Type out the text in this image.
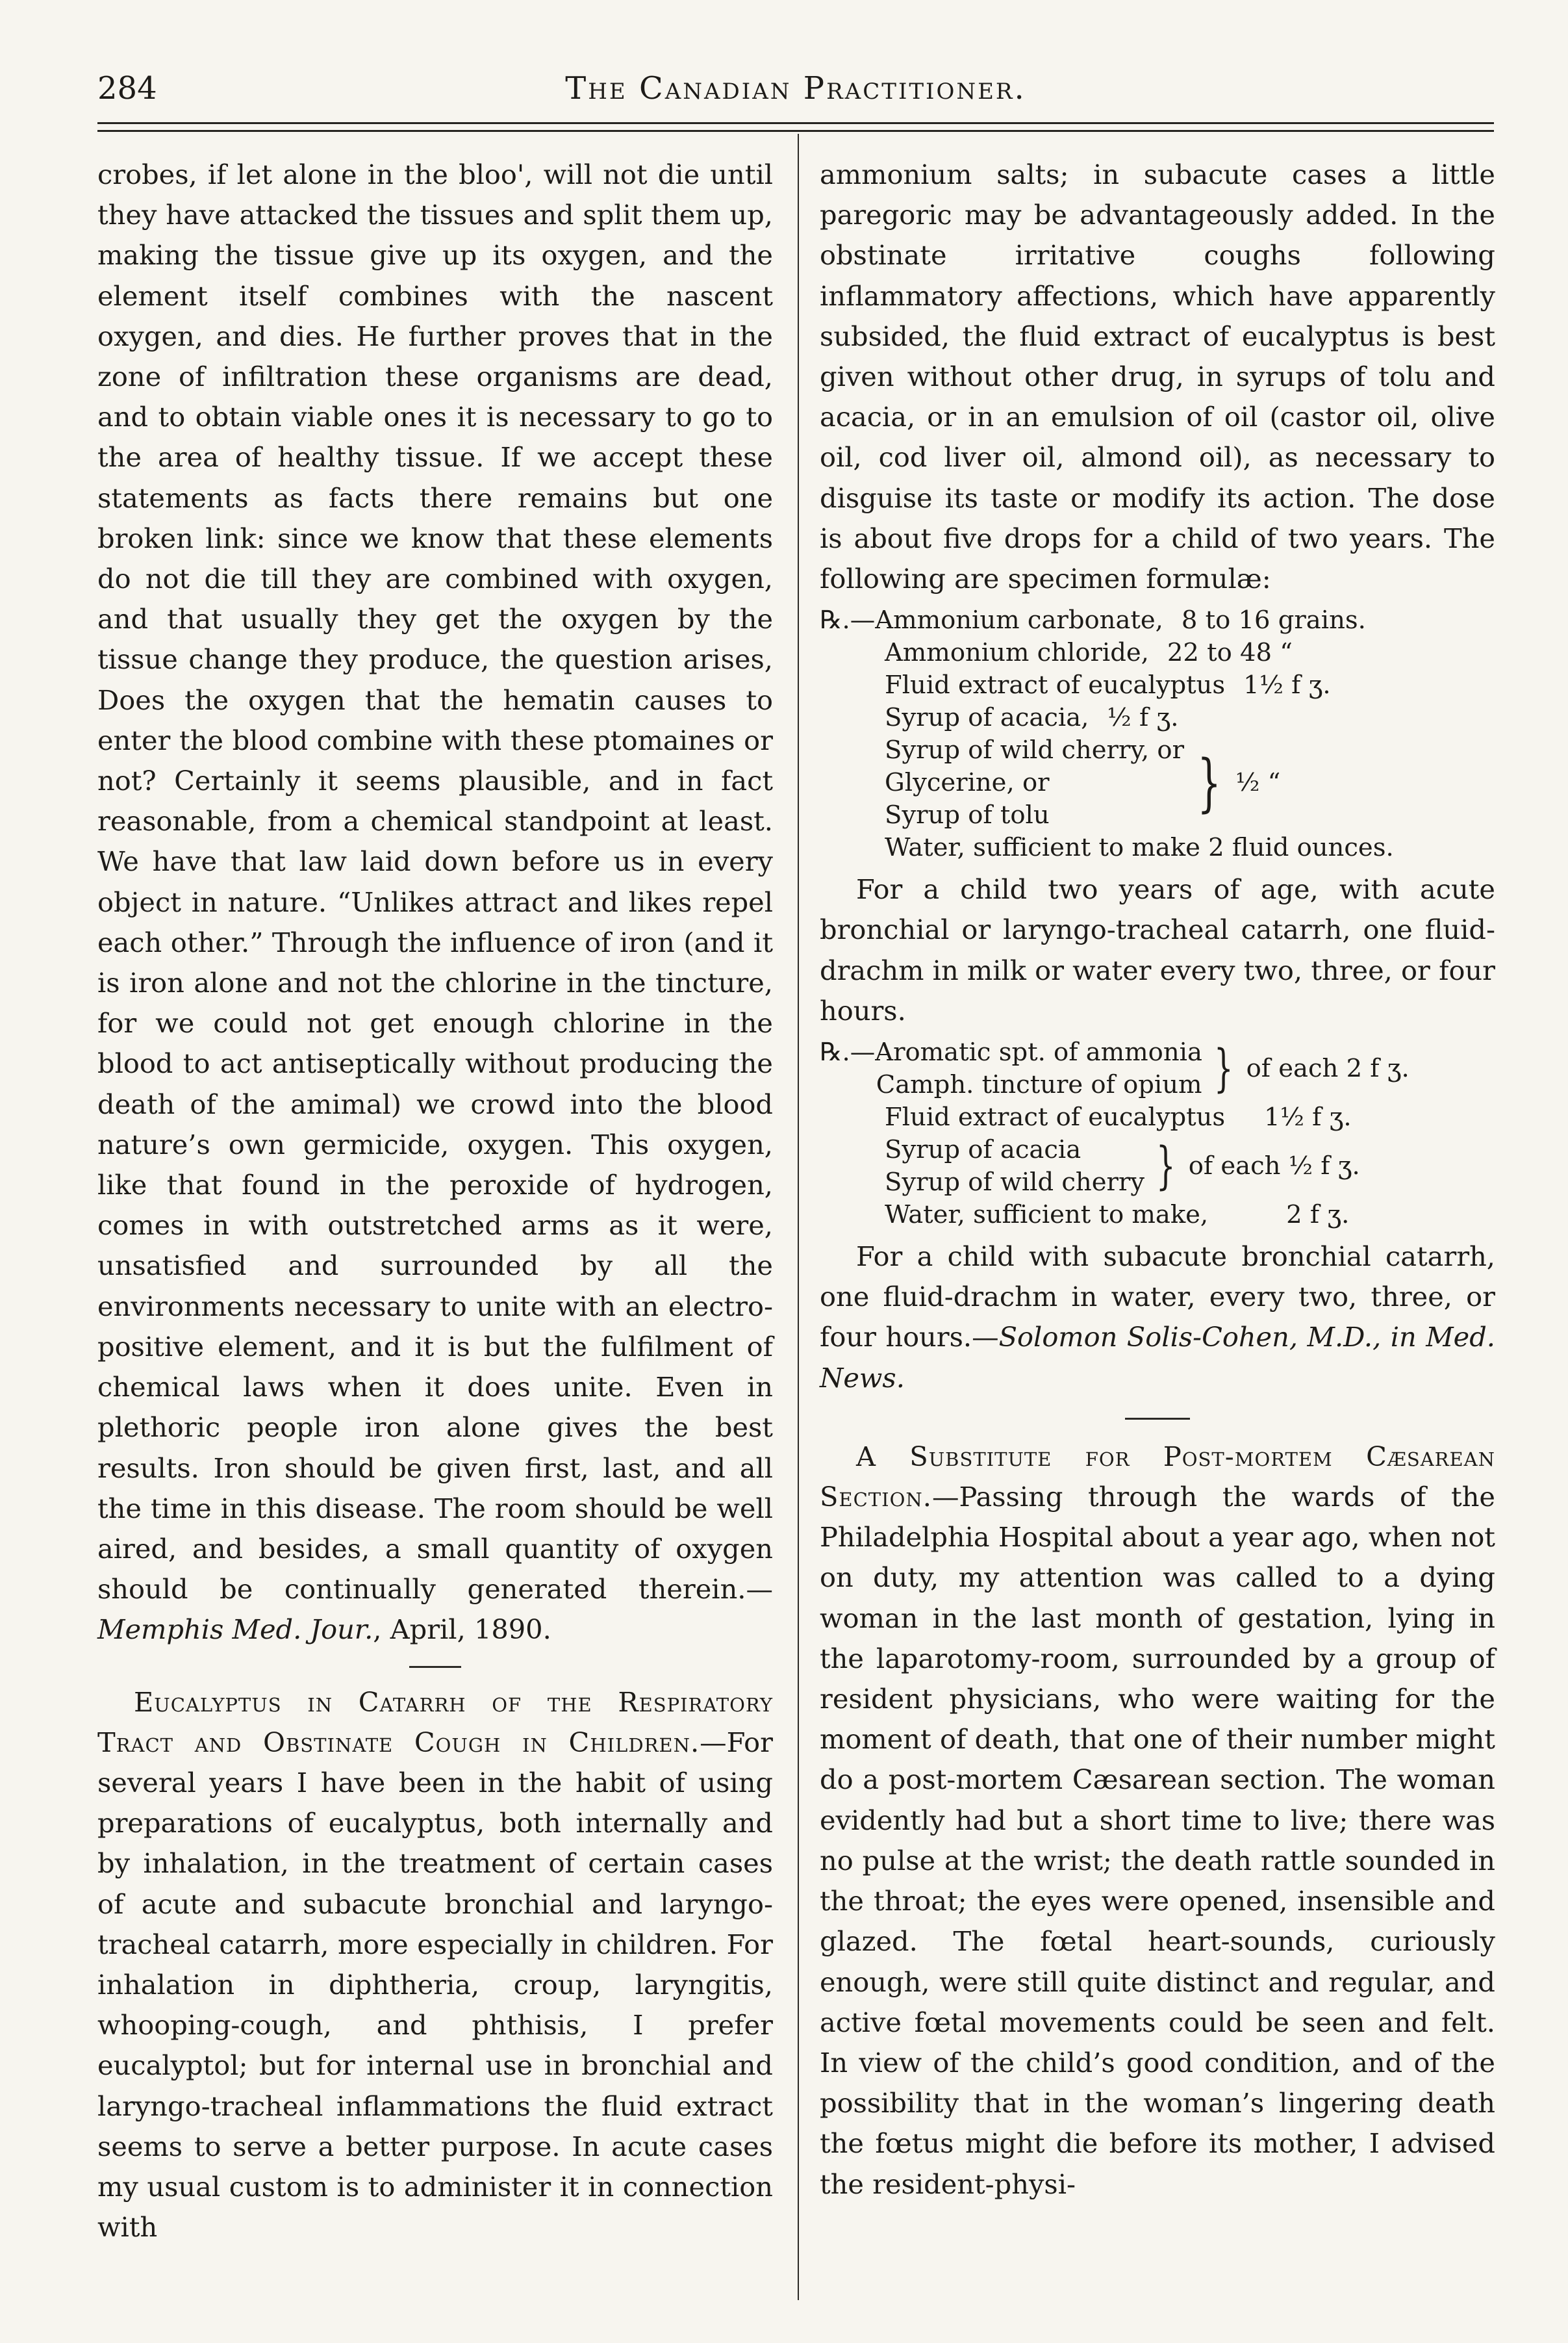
284	The Canadian Practitioner.

crobes, if let alone in the bloo', will not die until they have attacked the tissues and split them up, making the tissue give up its oxygen, and the element itself combines with the nascent oxygen, and dies. He further proves that in the zone of infiltration these organisms are dead, and to obtain viable ones it is necessary to go to the area of healthy tissue. If we accept these statements as facts there remains but one broken link: since we know that these elements do not die till they are combined with oxygen, and that usually they get the oxygen by the tissue change they produce, the question arises, Does the oxygen that the hematin causes to enter the blood combine with these ptomaines or not? Certainly it seems plausible, and in fact reasonable, from a chemical standpoint at least. We have that law laid down before us in every object in nature. “Unlikes attract and likes repel each other.” Through the influence of iron (and it is iron alone and not the chlorine in the tincture, for we could not get enough chlorine in the blood to act antiseptically without producing the death of the amimal) we crowd into the blood nature’s own germicide, oxygen. This oxygen, like that found in the peroxide of hydrogen, comes in with outstretched arms as it were, unsatisfied and surrounded by all the environments necessary to unite with an electro-positive element, and it is but the fulfilment of chemical laws when it does unite. Even in plethoric people iron alone gives the best results. Iron should be given first, last, and all the time in this disease. The room should be well aired, and besides, a small quantity of oxygen should be continually generated therein.—Memphis Med. Jour., April, 1890.

Eucalyptus in Catarrh of the Respiratory Tract and Obstinate Cough in Children.—For several years I have been in the habit of using preparations of eucalyptus, both internally and by inhalation, in the treatment of certain cases of acute and subacute bronchial and laryngo-tracheal catarrh, more especially in children. For inhalation in diphtheria, croup, laryngitis, whooping-cough, and phthisis, I prefer eucalyptol; but for internal use in bronchial and laryngo-tracheal inflammations the fluid extract seems to serve a better purpose. In acute cases my usual custom is to administer it in connection with

ammonium salts; in subacute cases a little paregoric may be advantageously added. In the obstinate irritative coughs following inflammatory affections, which have apparently subsided, the fluid extract of eucalyptus is best given without other drug, in syrups of tolu and acacia, or in an emulsion of oil (castor oil, olive oil, cod liver oil, almond oil), as necessary to disguise its taste or modify its action. The dose is about five drops for a child of two years. The following are specimen formulæ:

℞. —Ammonium carbonate, 8 to 16 grains.
Ammonium chloride, 22 to 48 “
Fluid extract of eucalyptus 1½ f ʒ.
Syrup of acacia, ½ f ʒ.
Syrup of wild cherry, or
Glycerine, or
Syrup of tolu	} ½ “
Water, sufficient to make 2 fluid ounces.

For a child two years of age, with acute bronchial or laryngo-tracheal catarrh, one fluid-drachm in milk or water every two, three, or four hours.

℞. —Aromatic spt. of ammonia
Camph. tincture of opium } of each 2 f ʒ.
Fluid extract of eucalyptus 1½ f ʒ.
Syrup of acacia
Syrup of wild cherry } of each ½ f ʒ.
Water, sufficient to make,	2 f ʒ.

For a child with subacute bronchial catarrh, one fluid-drachm in water, every two, three, or four hours.—Solomon Solis-Cohen, M.D., in Med. News.

A Substitute for Post-mortem Cæsarean Section.—Passing through the wards of the Philadelphia Hospital about a year ago, when not on duty, my attention was called to a dying woman in the last month of gestation, lying in the laparotomy-room, surrounded by a group of resident physicians, who were waiting for the moment of death, that one of their number might do a post-mortem Cæsarean section. The woman evidently had but a short time to live; there was no pulse at the wrist; the death rattle sounded in the throat; the eyes were opened, insensible and glazed. The fœtal heart-sounds, curiously enough, were still quite distinct and regular, and active fœtal movements could be seen and felt. In view of the child’s good condition, and of the possibility that in the woman’s lingering death the fœtus might die before its mother, I advised the resident-physi-
